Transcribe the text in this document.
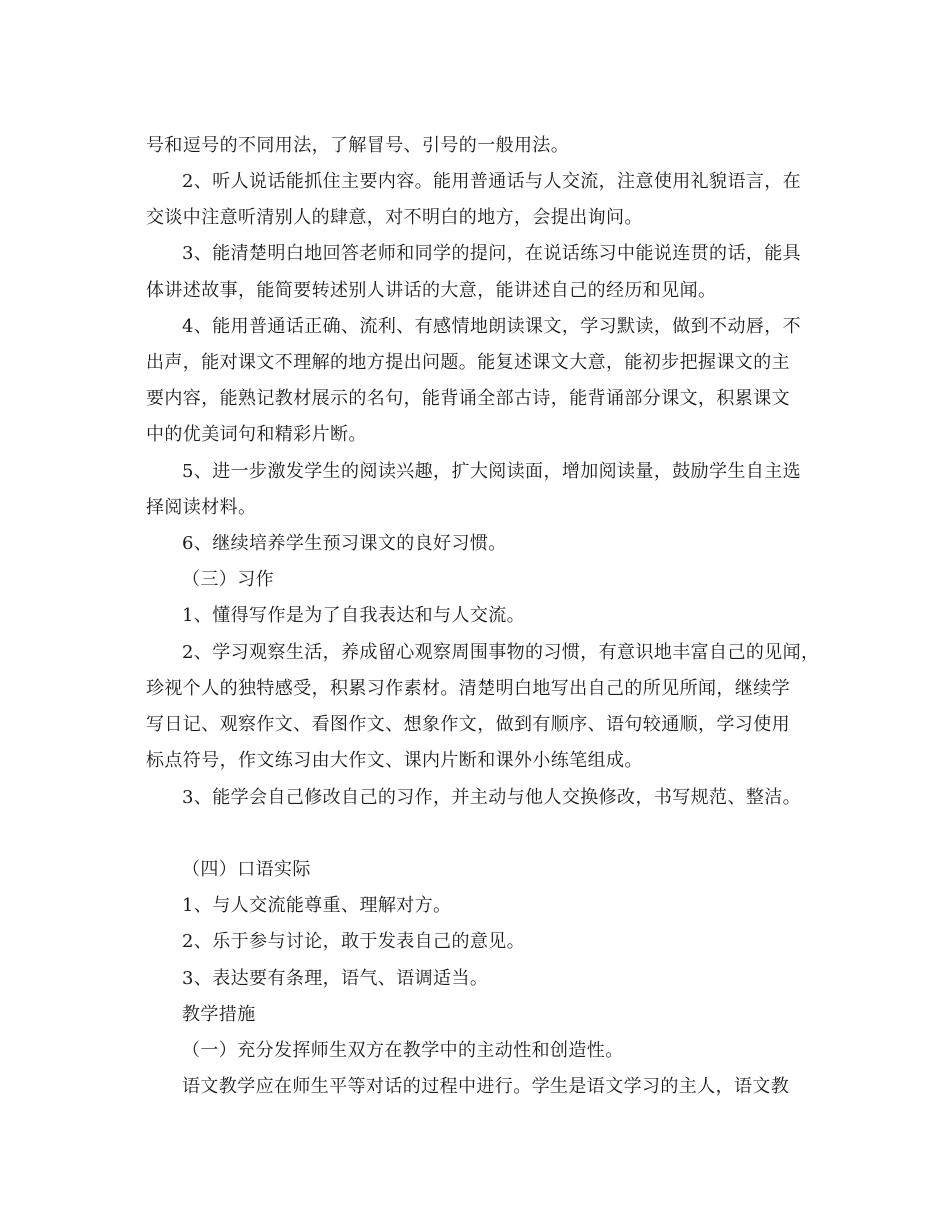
号和逗号的不同用法，了解冒号、引号的一般用法。
2、听人说话能抓住主要内容。能用普通话与人交流，注意使用礼貌语言，在
交谈中注意听清别人的肆意，对不明白的地方，会提出询问。
3、能清楚明白地回答老师和同学的提问，在说话练习中能说连贯的话，能具
体讲述故事，能简要转述别人讲话的大意，能讲述自己的经历和见闻。
4、能用普通话正确、流利、有感情地朗读课文，学习默读，做到不动唇，不
出声，能对课文不理解的地方提出问题。能复述课文大意，能初步把握课文的主
要内容，能熟记教材展示的名句，能背诵全部古诗，能背诵部分课文，积累课文
中的优美词句和精彩片断。
5、进一步激发学生的阅读兴趣，扩大阅读面，增加阅读量，鼓励学生自主选
择阅读材料。
6、继续培养学生预习课文的良好习惯。
（三）习作
1、懂得写作是为了自我表达和与人交流。
2、学习观察生活，养成留心观察周围事物的习惯，有意识地丰富自己的见闻，
珍视个人的独特感受，积累习作素材。清楚明白地写出自己的所见所闻，继续学
写日记、观察作文、看图作文、想象作文，做到有顺序、语句较通顺，学习使用
标点符号，作文练习由大作文、课内片断和课外小练笔组成。
3、能学会自己修改自己的习作，并主动与他人交换修改，书写规范、整洁。
（四）口语实际
1、与人交流能尊重、理解对方。
2、乐于参与讨论，敢于发表自己的意见。
3、表达要有条理，语气、语调适当。
教学措施
（一）充分发挥师生双方在教学中的主动性和创造性。
语文教学应在师生平等对话的过程中进行。学生是语文学习的主人，语文教
